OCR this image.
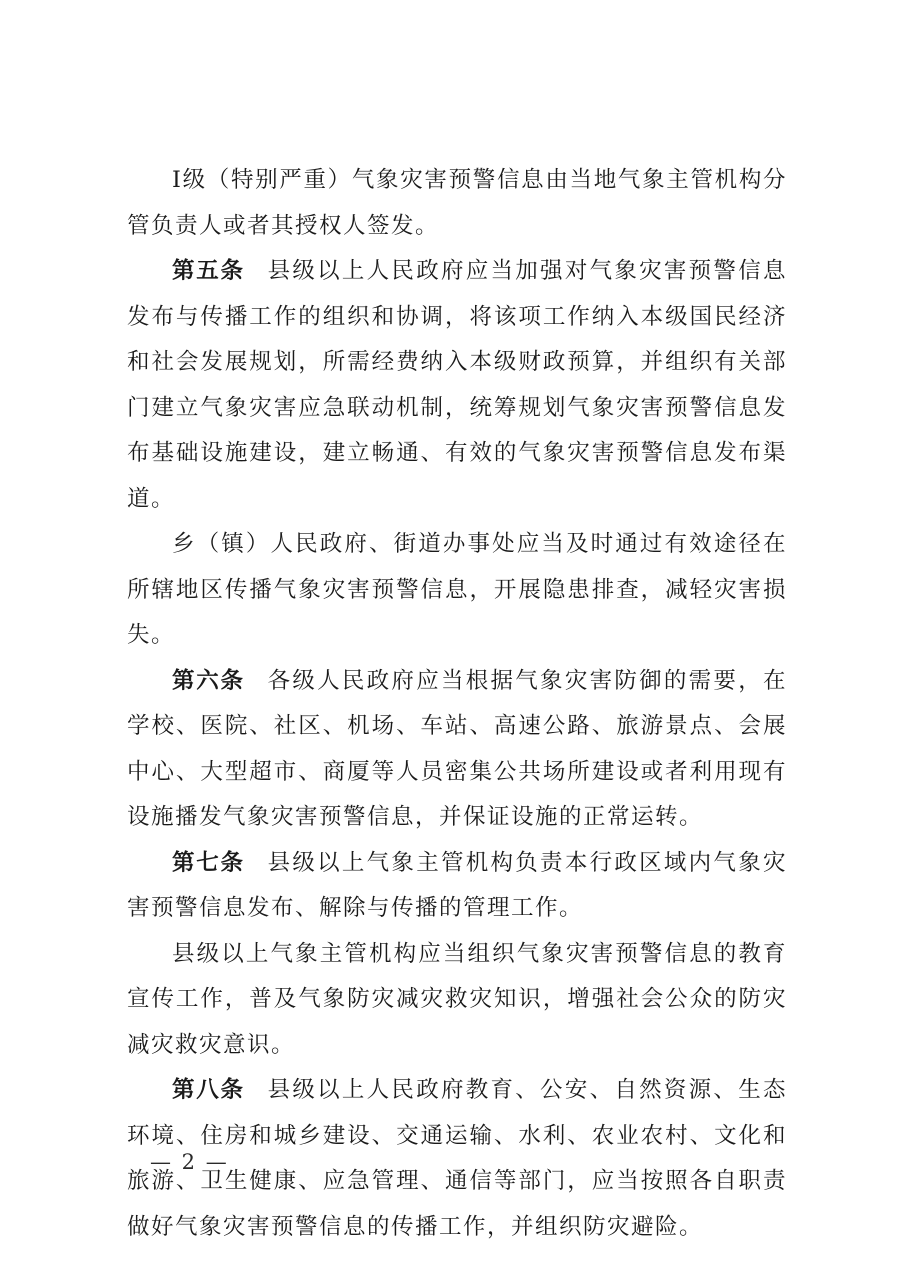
Ⅰ级（特别严重）气象灾害预警信息由当地气象主管机构分管负责人或者其授权人签发。

第五条 县级以上人民政府应当加强对气象灾害预警信息发布与传播工作的组织和协调，将该项工作纳入本级国民经济和社会发展规划，所需经费纳入本级财政预算，并组织有关部门建立气象灾害应急联动机制，统筹规划气象灾害预警信息发布基础设施建设，建立畅通、有效的气象灾害预警信息发布渠道。

乡（镇）人民政府、街道办事处应当及时通过有效途径在所辖地区传播气象灾害预警信息，开展隐患排查，减轻灾害损失。

第六条 各级人民政府应当根据气象灾害防御的需要，在学校、医院、社区、机场、车站、高速公路、旅游景点、会展中心、大型超市、商厦等人员密集公共场所建设或者利用现有设施播发气象灾害预警信息，并保证设施的正常运转。

第七条 县级以上气象主管机构负责本行政区域内气象灾害预警信息发布、解除与传播的管理工作。

县级以上气象主管机构应当组织气象灾害预警信息的教育宣传工作，普及气象防灾减灾救灾知识，增强社会公众的防灾减灾救灾意识。

第八条 县级以上人民政府教育、公安、自然资源、生态环境、住房和城乡建设、交通运输、水利、农业农村、文化和旅游、卫生健康、应急管理、通信等部门，应当按照各自职责做好气象灾害预警信息的传播工作，并组织防灾避险。

— 2 —
